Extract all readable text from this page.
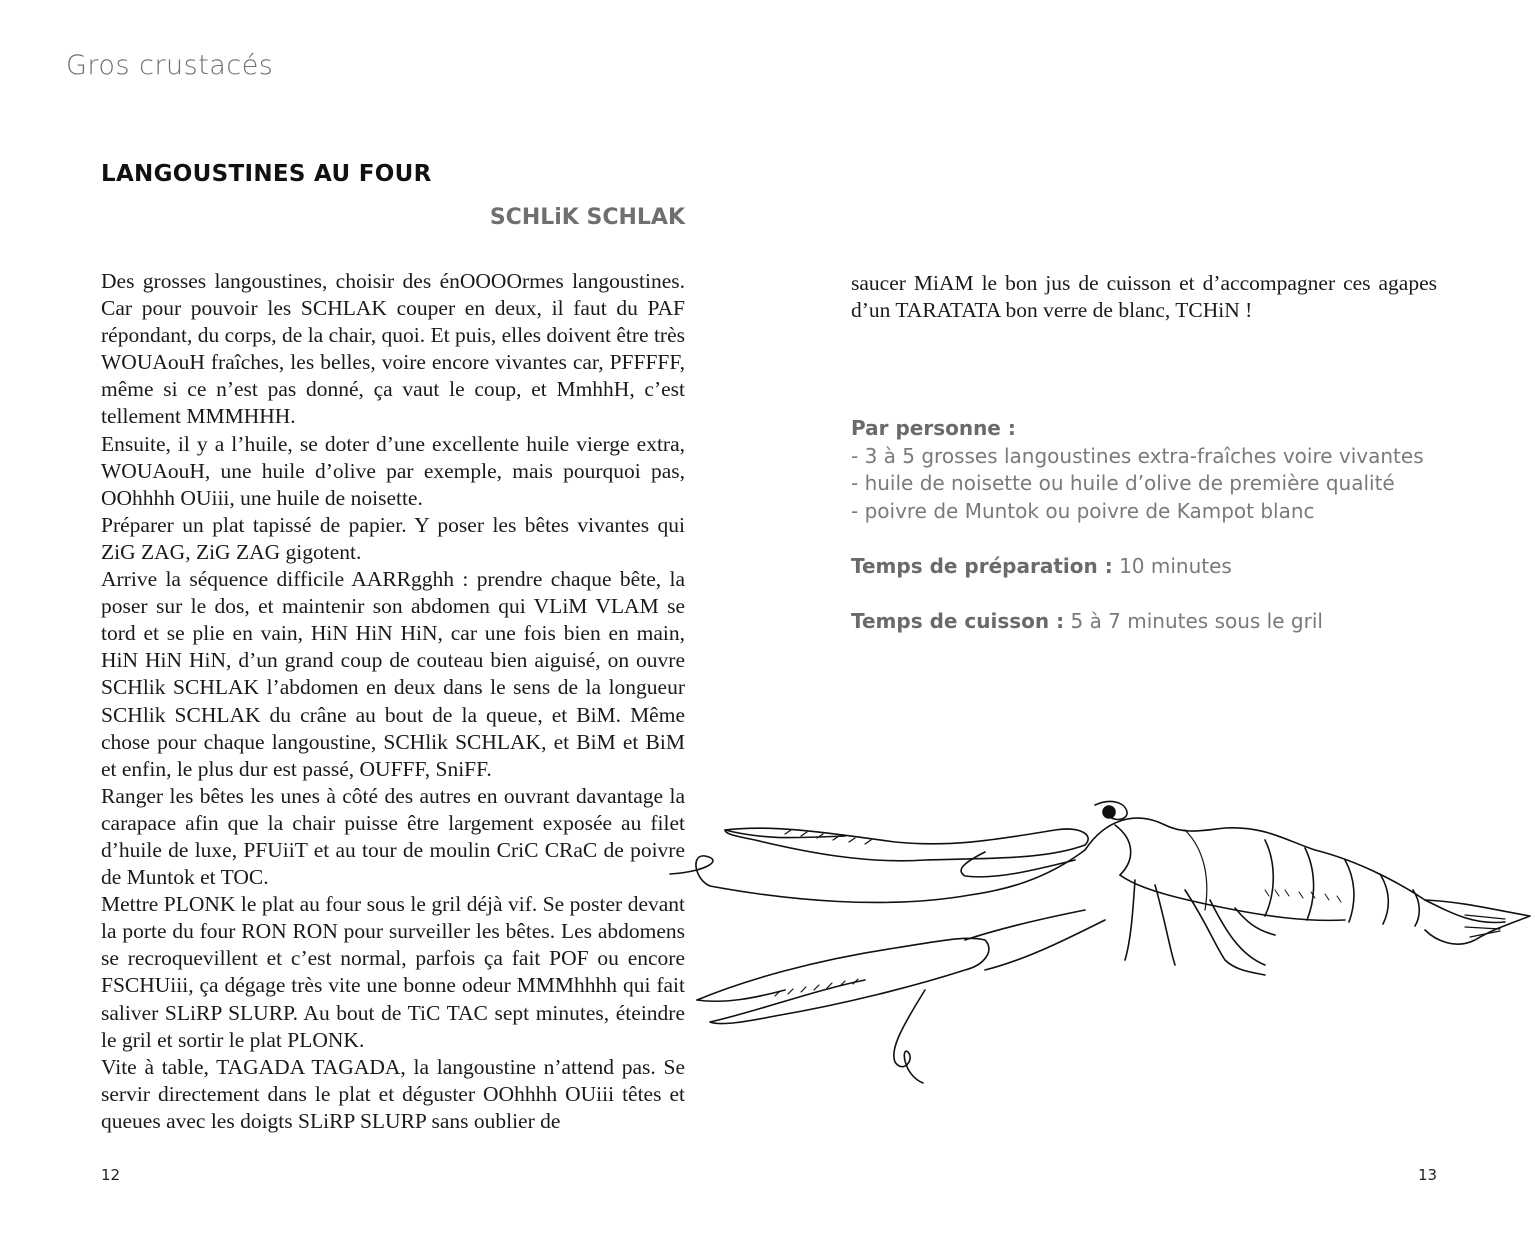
Gros crustacés
LANGOUSTINES AU FOUR
SCHLiK SCHLAK

Des grosses langoustines, choisir des énOOOOrmes langoustines. Car pour pouvoir les SCHLAK couper en deux, il faut du PAF répondant, du corps, de la chair, quoi. Et puis, elles doivent être très WOUAouH fraîches, les belles, voire encore vivantes car, PFFFFF, même si ce n’est pas donné, ça vaut le coup, et MmhhH, c’est tellement MMMHHH.

Ensuite, il y a l’huile, se doter d’une excellente huile vierge extra, WOUAouH, une huile d’olive par exemple, mais pourquoi pas, OOhhhh OUiii, une huile de noisette.

Préparer un plat tapissé de papier. Y poser les bêtes vivantes qui ZiG ZAG, ZiG ZAG gigotent.

Arrive la séquence difficile AARRgghh : prendre chaque bête, la poser sur le dos, et maintenir son abdomen qui VLiM VLAM se tord et se plie en vain, HiN HiN HiN, car une fois bien en main, HiN HiN HiN, d’un grand coup de couteau bien aiguisé, on ouvre SCHlik SCHLAK l’abdomen en deux dans le sens de la longueur SCHlik SCHLAK du crâne au bout de la queue, et BiM. Même chose pour chaque langoustine, SCHlik SCHLAK, et BiM et BiM et enfin, le plus dur est passé, OUFFF, SniFF.

Ranger les bêtes les unes à côté des autres en ouvrant davantage la carapace afin que la chair puisse être largement exposée au filet d’huile de luxe, PFUiiT et au tour de moulin CriC CRaC de poivre de Muntok et TOC.

Mettre PLONK le plat au four sous le gril déjà vif. Se poster devant la porte du four RON RON pour surveiller les bêtes. Les abdomens se recroquevillent et c’est normal, parfois ça fait POF ou encore FSCHUiii, ça dégage très vite une bonne odeur MMMhhhh qui fait saliver SLiRP SLURP. Au bout de TiC TAC sept minutes, éteindre le gril et sortir le plat PLONK.

Vite à table, TAGADA TAGADA, la langoustine n’attend pas. Se servir directement dans le plat et déguster OOhhhh OUiii têtes et queues avec les doigts SLiRP SLURP sans oublier de

saucer MiAM le bon jus de cuisson et d’accompagner ces agapes d’un TARATATA bon verre de blanc, TCHiN !

Par personne :
- 3 à 5 grosses langoustines extra-fraîches voire vivantes
- huile de noisette ou huile d’olive de première qualité
- poivre de Muntok ou poivre de Kampot blanc
Temps de préparation : 10 minutes
Temps de cuisson : 5 à 7 minutes sous le gril
12	13
